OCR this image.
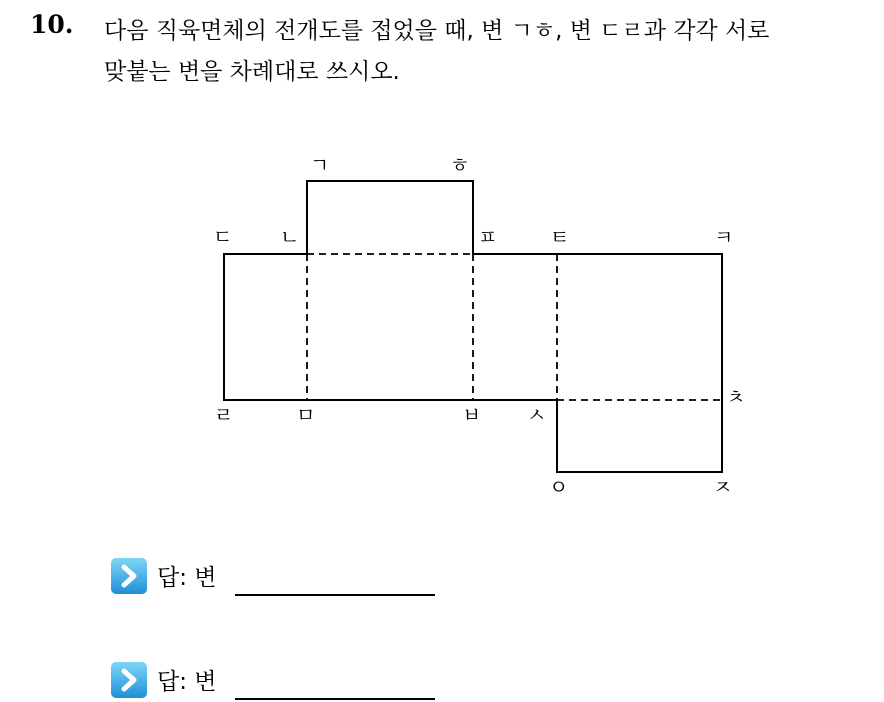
10. 다음 직육면체의 전개도를 접었을 때, 변 ㄱㅎ, 변 ㄷㄹ과 각각 서로
맞붙는 변을 차례대로 쓰시오.
ㄱ	ㅎ
ㄷ ㄴ	ㅍ	ㅌ	ㅋ
ㄹ	ㅁ	ㅂ ㅅ
ㅊ
ㅇ	ㅈ
답: 변
답: 변
